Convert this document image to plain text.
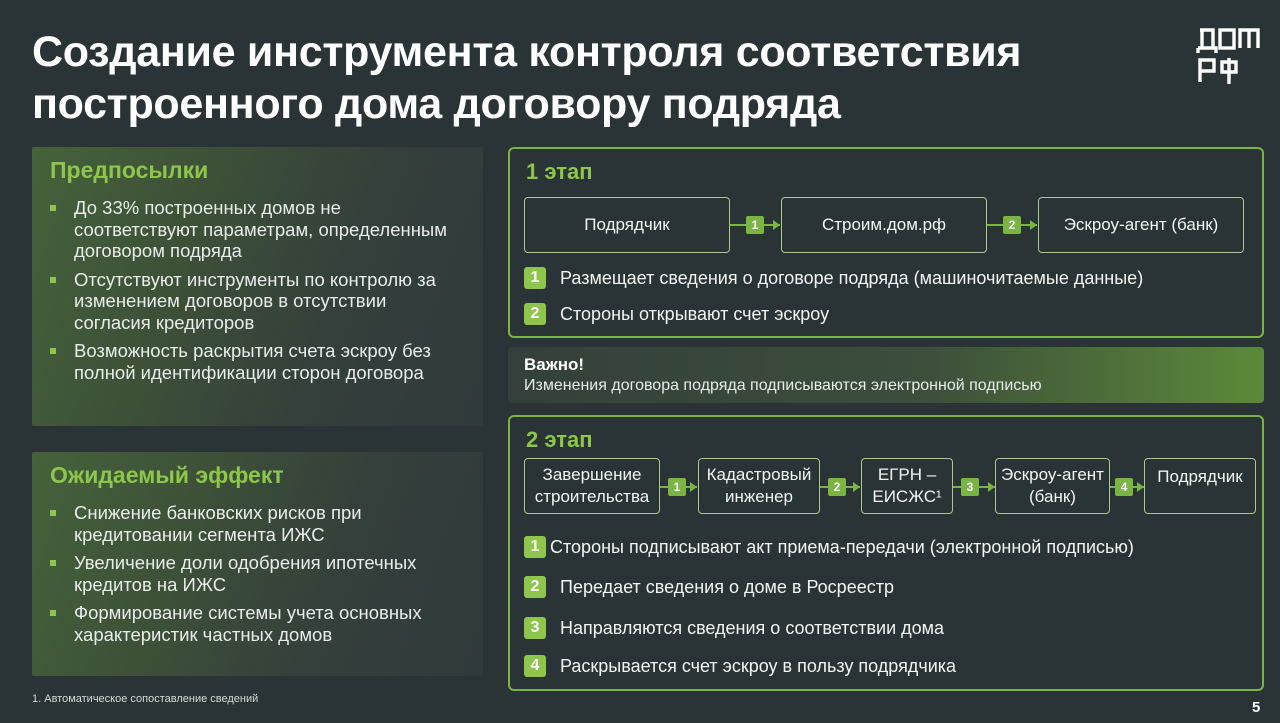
Создание инструмента контроля соответствия
построенного дома договору подряда
Предпосылки
До 33% построенных домов не соответствуют параметрам, определенным договором подряда
Отсутствуют инструменты по контролю за изменением договоров в отсутствии согласия кредиторов
Возможность раскрытия счета эскроу без полной идентификации сторон договора
Ожидаемый эффект
Снижение банковских рисков при кредитовании сегмента ИЖС
Увеличение доли одобрения ипотечных кредитов на ИЖС
Формирование системы учета основных характеристик частных домов
1 этап
Подрядчик	1	Строим.дом.рф	2	Эскроу-агент (банк)
1	Размещает сведения о договоре подряда (машиночитаемые данные)
2	Стороны открывают счет эскроу
Важно!
Изменения договора подряда подписываются электронной подписью
2 этап
Завершение строительства	1
Кадастровый инженер	2
ЕГРН – ЕИСЖС¹	3
Эскроу-агент (банк)	4
Подрядчик
1 Стороны подписывают акт приема-передачи (электронной подписью)
2	Передает сведения о доме в Росреестр
3	Направляются сведения о соответствии дома
4	Раскрывается счет эскроу в пользу подрядчика
1. Автоматическое сопоставление сведений	5
